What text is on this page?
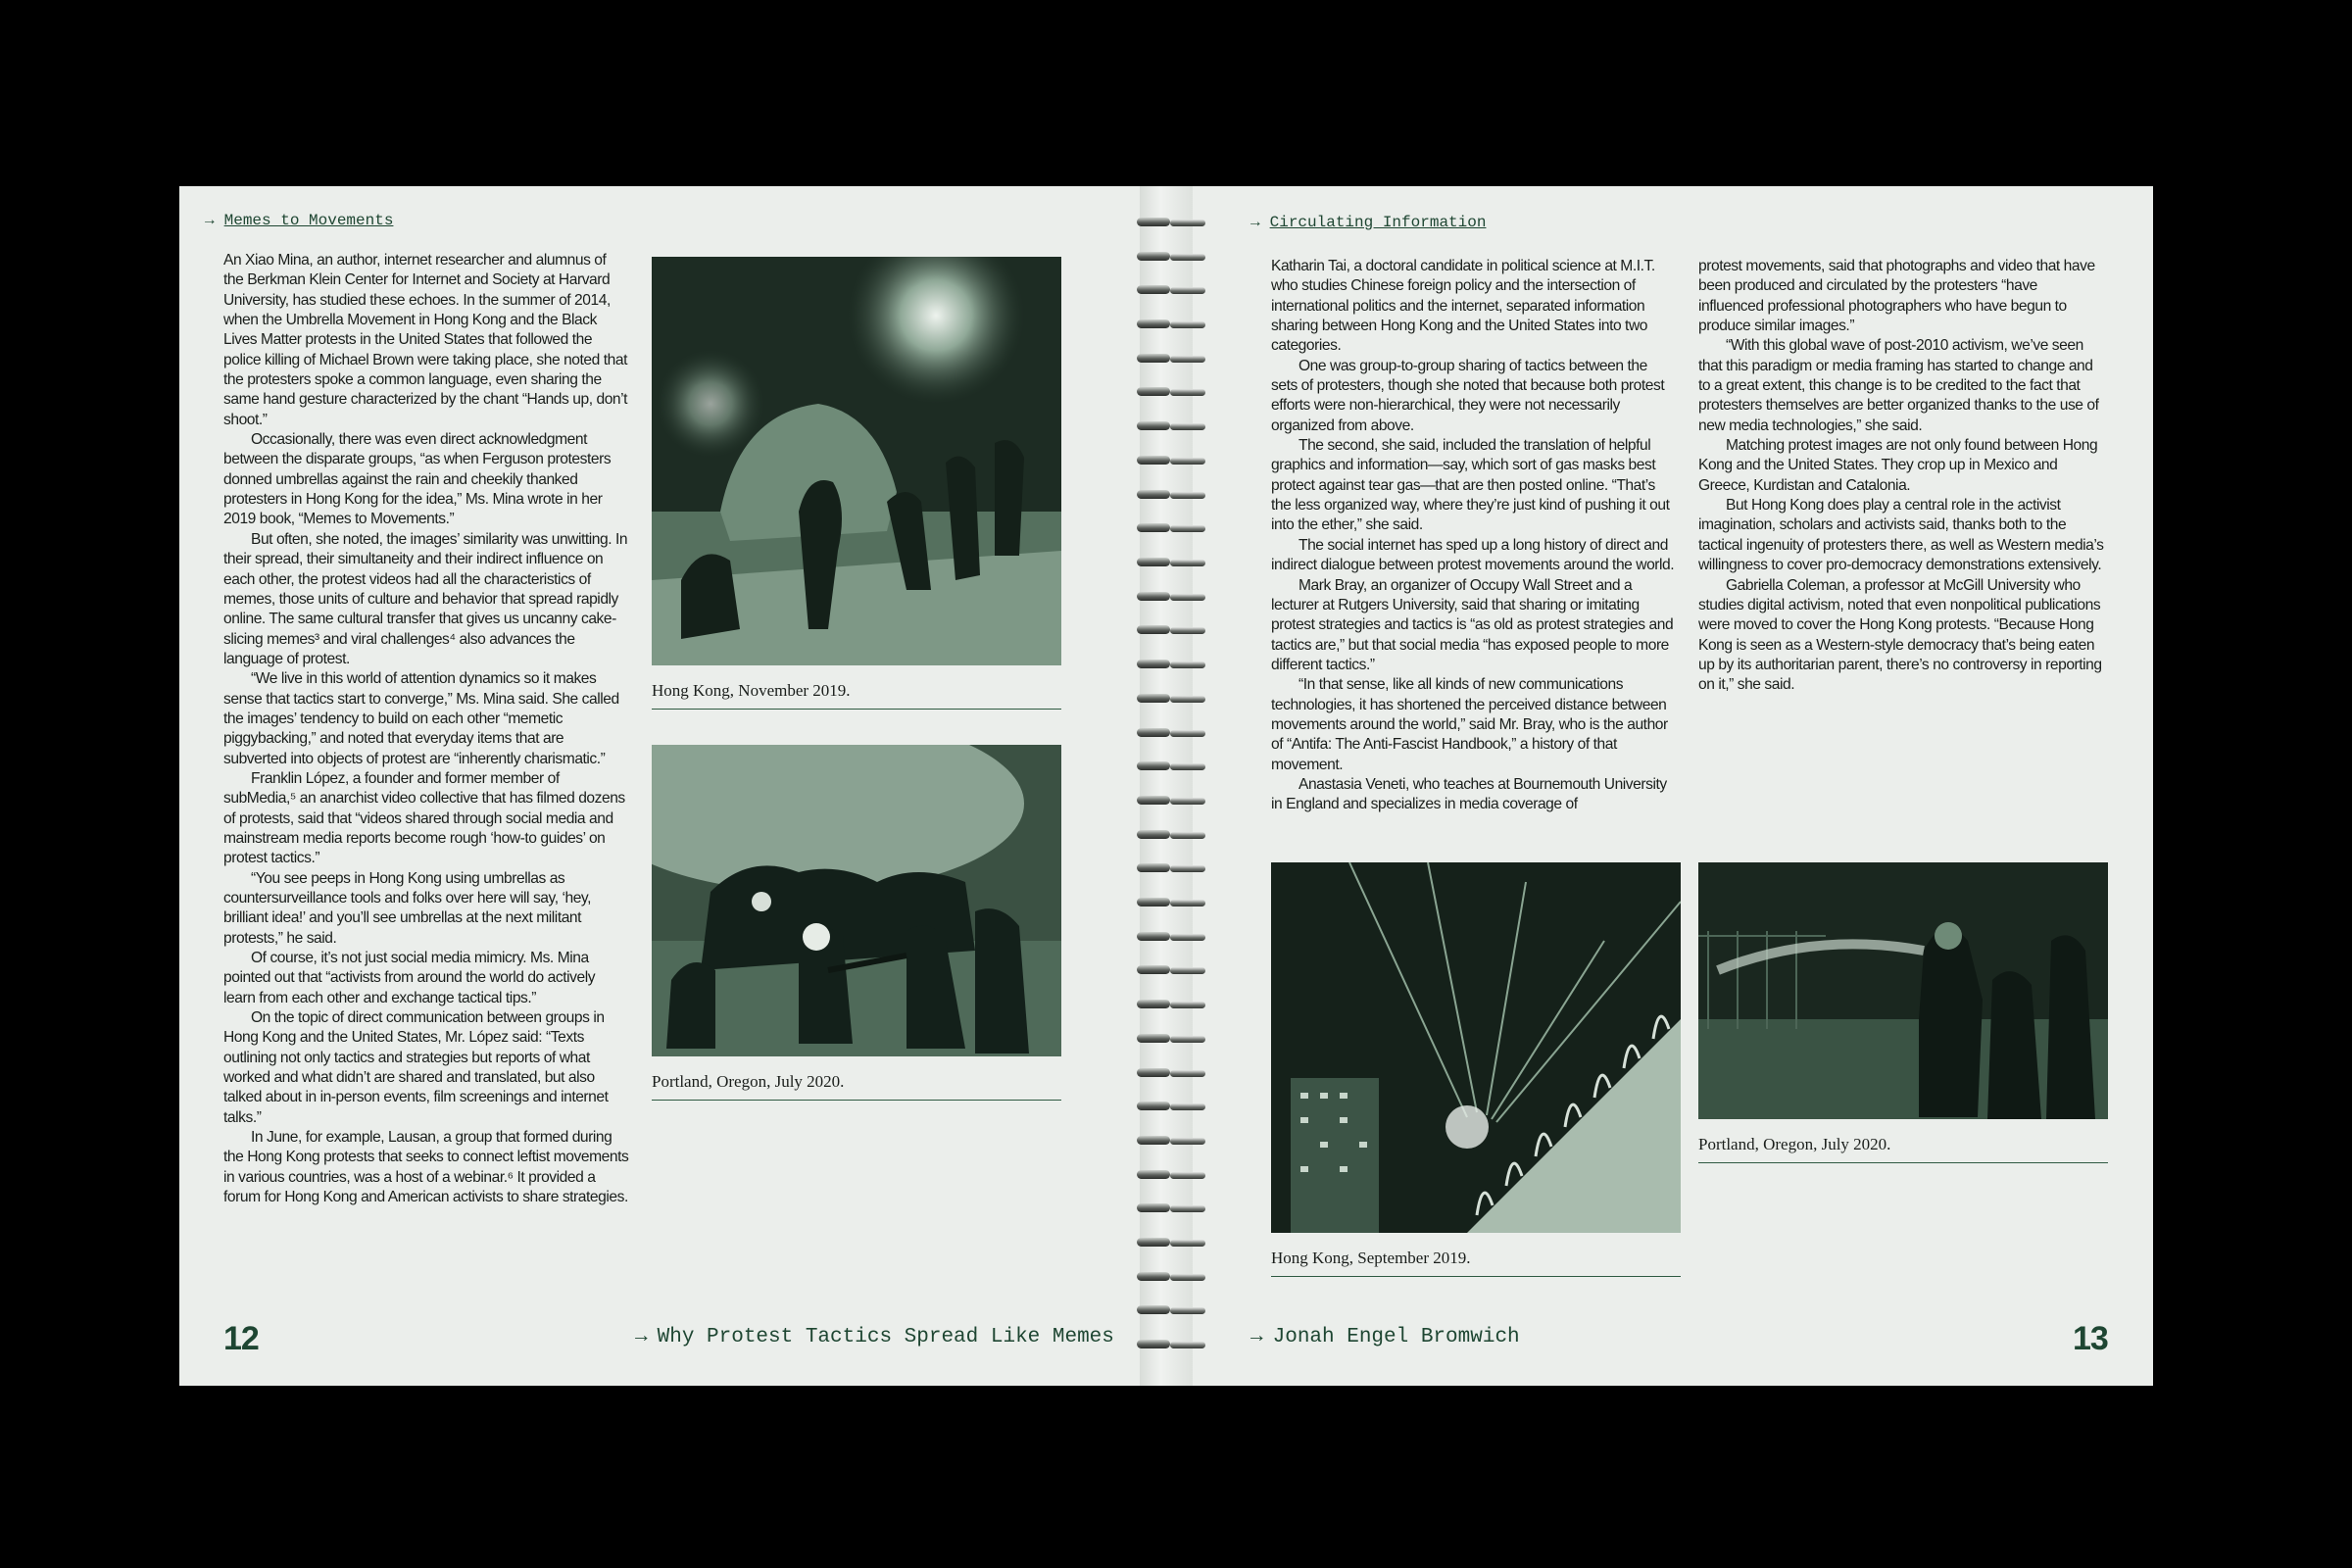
→ Memes to Movements

An Xiao Mina, an author, internet researcher and alumnus of the Berkman Klein Center for Internet and Society at Harvard University, has studied these echoes. In the summer of 2014, when the Umbrella Movement in Hong Kong and the Black Lives Matter protests in the United States that followed the police killing of Michael Brown were taking place, she noted that the protesters spoke a common language, even sharing the same hand gesture characterized by the chant “Hands up, don’t shoot.”

Occasionally, there was even direct acknowledgment between the disparate groups, “as when Ferguson protesters donned umbrellas against the rain and cheekily thanked protesters in Hong Kong for the idea,” Ms. Mina wrote in her 2019 book, “Memes to Movements.”

But often, she noted, the images’ similarity was unwitting. In their spread, their simultaneity and their indirect influence on each other, the protest videos had all the characteristics of memes, those units of culture and behavior that spread rapidly online. The same cultural transfer that gives us uncanny cake-slicing memes³ and viral challenges⁴ also advances the language of protest.

“We live in this world of attention dynamics so it makes sense that tactics start to converge,” Ms. Mina said. She called the images’ tendency to build on each other “memetic piggybacking,” and noted that everyday items that are subverted into objects of protest are “inherently charismatic.”

Franklin López, a founder and former member of subMedia,⁵ an anarchist video collective that has filmed dozens of protests, said that “videos shared through social media and mainstream media reports become rough ‘how-to guides’ on protest tactics.”

“You see peeps in Hong Kong using umbrellas as countersurveillance tools and folks over here will say, ‘hey, brilliant idea!’ and you’ll see umbrellas at the next militant protests,” he said.

Of course, it’s not just social media mimicry. Ms. Mina pointed out that “activists from around the world do actively learn from each other and exchange tactical tips.”

On the topic of direct communication between groups in Hong Kong and the United States, Mr. López said: “Texts outlining not only tactics and strategies but reports of what worked and what didn’t are shared and translated, but also talked about in in-person events, film screenings and internet talks.”

In June, for example, Lausan, a group that formed during the Hong Kong protests that seeks to connect leftist movements in various countries, was a host of a webinar.⁶ It provided a forum for Hong Kong and American activists to share strategies.

Hong Kong, November 2019.
Portland, Oregon, July 2020.
12	→ Why Protest Tactics Spread Like Memes
→ Circulating Information

Katharin Tai, a doctoral candidate in political science at M.I.T. who studies Chinese foreign policy and the intersection of international politics and the internet, separated information sharing between Hong Kong and the United States into two categories.

One was group-to-group sharing of tactics between the sets of protesters, though she noted that because both protest efforts were non-hierarchical, they were not necessarily organized from above.

The second, she said, included the translation of helpful graphics and information—say, which sort of gas masks best protect against tear gas—that are then posted online. “That’s the less organized way, where they’re just kind of pushing it out into the ether,” she said.

The social internet has sped up a long history of direct and indirect dialogue between protest movements around the world.

Mark Bray, an organizer of Occupy Wall Street and a lecturer at Rutgers University, said that sharing or imitating protest strategies and tactics is “as old as protest strategies and tactics are,” but that social media “has exposed people to more different tactics.”

“In that sense, like all kinds of new communications technologies, it has shortened the perceived distance between movements around the world,” said Mr. Bray, who is the author of “Antifa: The Anti-Fascist Handbook,” a history of that movement.

Anastasia Veneti, who teaches at Bournemouth University in England and specializes in media coverage of

protest movements, said that photographs and video that have been produced and circulated by the protesters “have influenced professional photographers who have begun to produce similar images.”

“With this global wave of post-2010 activism, we’ve seen that this paradigm or media framing has started to change and to a great extent, this change is to be credited to the fact that protesters themselves are better organized thanks to the use of new media technologies,” she said.

Matching protest images are not only found between Hong Kong and the United States. They crop up in Mexico and Greece, Kurdistan and Catalonia.

But Hong Kong does play a central role in the activist imagination, scholars and activists said, thanks both to the tactical ingenuity of protesters there, as well as Western media’s willingness to cover pro-democracy demonstrations extensively.

Gabriella Coleman, a professor at McGill University who studies digital activism, noted that even nonpolitical publications were moved to cover the Hong Kong protests. “Because Hong Kong is seen as a Western-style democracy that’s being eaten up by its authoritarian parent, there’s no controversy in reporting on it,” she said.

Hong Kong, September 2019.
Portland, Oregon, July 2020.
→ Jonah Engel Bromwich	13
